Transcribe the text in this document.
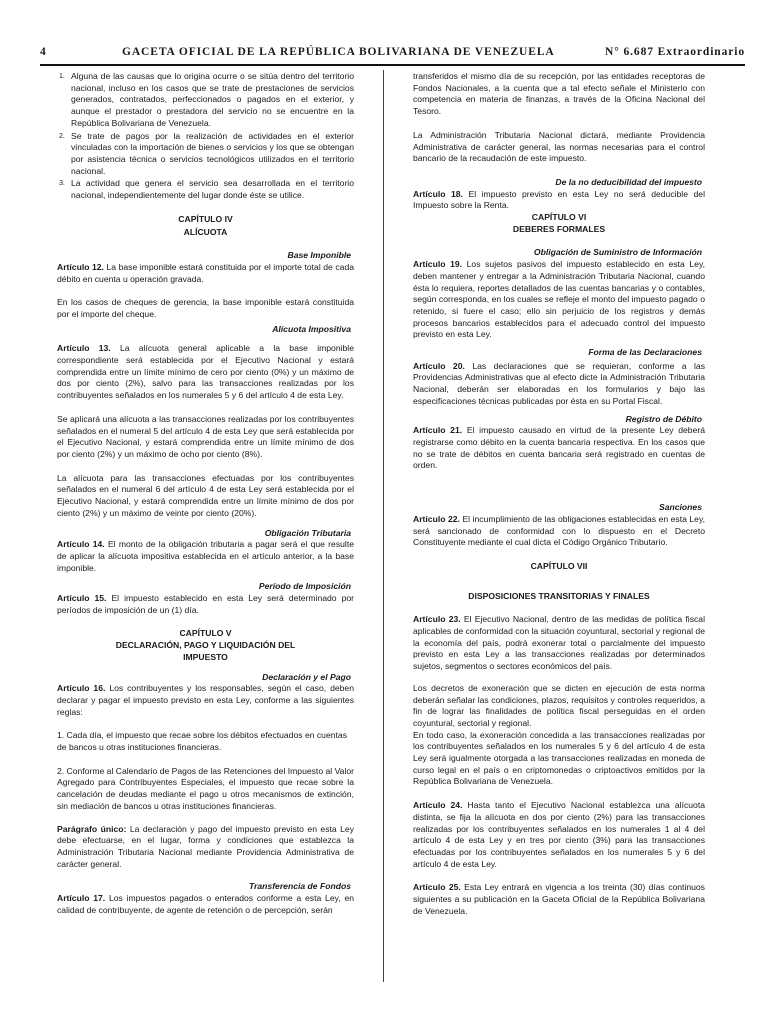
4	GACETA OFICIAL DE LA REPÚBLICA BOLIVARIANA DE VENEZUELA	N° 6.687 Extraordinario
1. Alguna de las causas que lo origina ocurre o se sitúa dentro del territorio nacional, incluso en los casos que se trate de prestaciones de servicios generados, contratados, perfeccionados o pagados en el exterior, y aunque el prestador o prestadora del servicio no se encuentre en la República Bolivariana de Venezuela.
2. Se trate de pagos por la realización de actividades en el exterior vinculadas con la importación de bienes o servicios y los que se obtengan por asistencia técnica o servicios tecnológicos utilizados en el territorio nacional.
3. La actividad que genera el servicio sea desarrollada en el territorio nacional, independientemente del lugar donde éste se utilice.
CAPÍTULO IV
ALÍCUOTA
Base Imponible
Artículo 12. La base imponible estará constituida por el importe total de cada débito en cuenta u operación gravada.
En los casos de cheques de gerencia, la base imponible estará constituida por el importe del cheque.
Alícuota Impositiva
Artículo 13. La alícuota general aplicable a la base imponible correspondiente será establecida por el Ejecutivo Nacional y estará comprendida entre un límite mínimo de cero por ciento (0%) y un máximo de dos por ciento (2%), salvo para las transacciones realizadas por los contribuyentes señalados en los numerales 5 y 6 del artículo 4 de esta Ley.
Se aplicará una alícuota a las transacciones realizadas por los contribuyentes señalados en el numeral 5 del artículo 4 de esta Ley que será establecida por el Ejecutivo Nacional, y estará comprendida entre un límite mínimo de dos por ciento (2%) y un máximo de ocho por ciento (8%).
La alícuota para las transacciones efectuadas por los contribuyentes señalados en el numeral 6 del artículo 4 de esta Ley será establecida por el Ejecutivo Nacional, y estará comprendida entre un límite mínimo de dos por ciento (2%) y un máximo de veinte por ciento (20%).
Obligación Tributaria
Artículo 14. El monto de la obligación tributaria a pagar será el que resulte de aplicar la alícuota impositiva establecida en el artículo anterior, a la base imponible.
Período de Imposición
Artículo 15. El impuesto establecido en esta Ley será determinado por períodos de imposición de un (1) día.
CAPÍTULO V
DECLARACIÓN, PAGO Y LIQUIDACIÓN DEL
IMPUESTO
Declaración y el Pago
Artículo 16. Los contribuyentes y los responsables, según el caso, deben declarar y pagar el impuesto previsto en esta Ley, conforme a las siguientes reglas:
1. Cada día, el impuesto que recae sobre los débitos efectuados en cuentas de bancos u otras instituciones financieras.
2. Conforme al Calendario de Pagos de las Retenciones del Impuesto al Valor Agregado para Contribuyentes Especiales, el impuesto que recae sobre la cancelación de deudas mediante el pago u otros mecanismos de extinción, sin mediación de bancos u otras instituciones financieras.
Parágrafo único: La declaración y pago del impuesto previsto en esta Ley debe efectuarse, en el lugar, forma y condiciones que establezca la Administración Tributaria Nacional mediante Providencia Administrativa de carácter general.
Transferencia de Fondos
Artículo 17. Los impuestos pagados o enterados conforme a esta Ley, en calidad de contribuyente, de agente de retención o de percepción, serán
transferidos el mismo día de su recepción, por las entidades receptoras de Fondos Nacionales, a la cuenta que a tal efecto señale el Ministerio con competencia en materia de finanzas, a través de la Oficina Nacional del Tesoro.
La Administración Tributaria Nacional dictará, mediante Providencia Administrativa de carácter general, las normas necesarias para el control bancario de la recaudación de este impuesto.
De la no deducibilidad del impuesto
Artículo 18. El impuesto previsto en esta Ley no será deducible del Impuesto sobre la Renta.
CAPÍTULO VI
DEBERES FORMALES
Obligación de Suministro de Información
Artículo 19. Los sujetos pasivos del impuesto establecido en esta Ley, deben mantener y entregar a la Administración Tributaria Nacional, cuando ésta lo requiera, reportes detallados de las cuentas bancarias y o contables, según corresponda, en los cuales se refleje el monto del impuesto pagado o retenido, si fuere el caso; ello sin perjuicio de los registros y demás procesos bancarios establecidos para el adecuado control del impuesto previsto en esta Ley.
Forma de las Declaraciones
Artículo 20. Las declaraciones que se requieran, conforme a las Providencias Administrativas que al efecto dicte la Administración Tributaria Nacional, deberán ser elaboradas en los formularios y bajo las especificaciones técnicas publicadas por ésta en su Portal Fiscal.
Registro de Débito
Artículo 21. El impuesto causado en virtud de la presente Ley deberá registrarse como débito en la cuenta bancaria respectiva. En los casos que no se trate de débitos en cuenta bancaria será registrado en cuentas de orden.
Sanciones
Artículo 22. El incumplimiento de las obligaciones establecidas en esta Ley, será sancionado de conformidad con lo dispuesto en el Decreto Constituyente mediante el cual dicta el Código Orgánico Tributario.
CAPÍTULO VII
DISPOSICIONES TRANSITORIAS Y FINALES
Artículo 23. El Ejecutivo Nacional, dentro de las medidas de política fiscal aplicables de conformidad con la situación coyuntural, sectorial y regional de la economía del país, podrá exonerar total o parcialmente del impuesto previsto en esta Ley a las transacciones realizadas por determinados sujetos, segmentos o sectores económicos del país.
Los decretos de exoneración que se dicten en ejecución de esta norma deberán señalar las condiciones, plazos, requisitos y controles requeridos, a fin de lograr las finalidades de política fiscal perseguidas en el orden coyuntural, sectorial y regional.
En todo caso, la exoneración concedida a las transacciones realizadas por los contribuyentes señalados en los numerales 5 y 6 del artículo 4 de esta Ley será igualmente otorgada a las transacciones realizadas en moneda de curso legal en el país o en criptomonedas o criptoactivos emitidos por la República Bolivariana de Venezuela.
Artículo 24. Hasta tanto el Ejecutivo Nacional establezca una alícuota distinta, se fija la alícuota en dos por ciento (2%) para las transacciones realizadas por los contribuyentes señalados en los numerales 1 al 4 del artículo 4 de esta Ley y en tres por ciento (3%) para las transacciones efectuadas por los contribuyentes señalados en los numerales 5 y 6 del artículo 4 de esta Ley.
Artículo 25. Esta Ley entrará en vigencia a los treinta (30) días continuos siguientes a su publicación en la Gaceta Oficial de la República Bolivariana de Venezuela.
